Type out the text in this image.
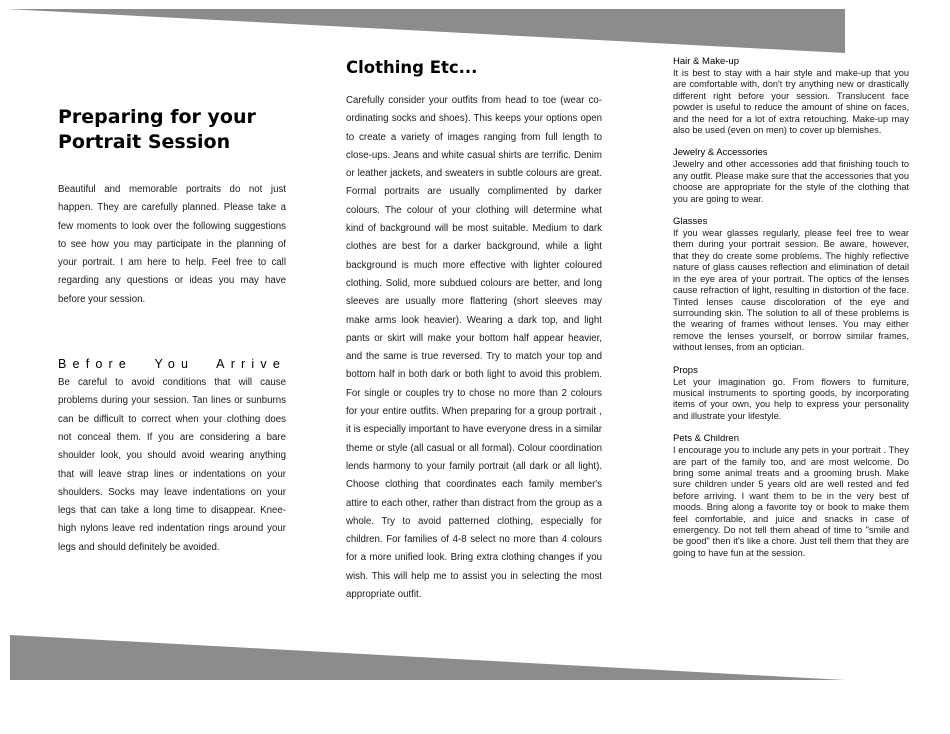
Preparing for your Portrait Session

Beautiful and memorable portraits do not just happen. They are carefully planned. Please take a few moments to look over the following suggestions to see how you may participate in the planning of your portrait. I am here to help. Feel free to call regarding any questions or ideas you may have before your session.

Before You Arrive

Be careful to avoid conditions that will cause problems during your session. Tan lines or sunburns can be difficult to correct when your clothing does not conceal them. If you are considering a bare shoulder look, you should avoid wearing anything that will leave strap lines or indentations on your shoulders. Socks may leave indentations on your legs that can take a long time to disappear. Knee-high nylons leave red indentation rings around your legs and should definitely be avoided.

Clothing Etc...

Carefully consider your outfits from head to toe (wear co-ordinating socks and shoes). This keeps your options open to create a variety of images ranging from full length to close-ups. Jeans and white casual shirts are terrific. Denim or leather jackets, and sweaters in subtle colours are great. Formal portraits are usually complimented by darker colours. The colour of your clothing will determine what kind of background will be most suitable. Medium to dark clothes are best for a darker background, while a light background is much more effective with lighter coloured clothing. Solid, more subdued colours are better, and long sleeves are usually more flattering (short sleeves may make arms look heavier). Wearing a dark top, and light pants or skirt will make your bottom half appear heavier, and the same is true reversed. Try to match your top and bottom half in both dark or both light to avoid this problem. For single or couples try to chose no more than 2 colours for your entire outfits. When preparing for a group portrait , it is especially important to have everyone dress in a similar theme or style (all casual or all formal). Colour coordination lends harmony to your family portrait (all dark or all light). Choose clothing that coordinates each family member's attire to each other, rather than distract from the group as a whole. Try to avoid patterned clothing, especially for children. For families of 4-8 select no more than 4 colours for a more unified look. Bring extra clothing changes if you wish. This will help me to assist you in selecting the most appropriate outfit.

Hair & Make-up

It is best to stay with a hair style and make-up that you are comfortable with, don't try anything new or drastically different right before your session. Translucent face powder is useful to reduce the amount of shine on faces, and the need for a lot of extra retouching. Make-up may also be used (even on men) to cover up blemishes.

Jewelry & Accessories

Jewelry and other accessories add that finishing touch to any outfit. Please make sure that the accessories that you choose are appropriate for the style of the clothing that you are going to wear.

Glasses

If you wear glasses regularly, please feel free to wear them during your portrait session. Be aware, however, that they do create some problems. The highly reflective nature of glass causes reflection and elimination of detail in the eye area of your portrait. The optics of the lenses cause refraction of light, resulting in distortion of the face. Tinted lenses cause discoloration of the eye and surrounding skin. The solution to all of these problems is the wearing of frames without lenses. You may either remove the lenses yourself, or borrow similar frames, without lenses, from an optician.

Props

Let your imagination go. From flowers to furniture, musical instruments to sporting goods, by incorporating items of your own, you help to express your personality and illustrate your lifestyle.

Pets & Children

I encourage you to include any pets in your portrait . They are part of the family too, and are most welcome. Do bring some animal treats and a grooming brush. Make sure children under 5 years old are well rested and fed before arriving. I want them to be in the very best of moods. Bring along a favorite toy or book to make them feel comfortable, and juice and snacks in case of emergency. Do not tell them ahead of time to "smile and be good" then it's like a chore. Just tell them that they are going to have fun at the session.
